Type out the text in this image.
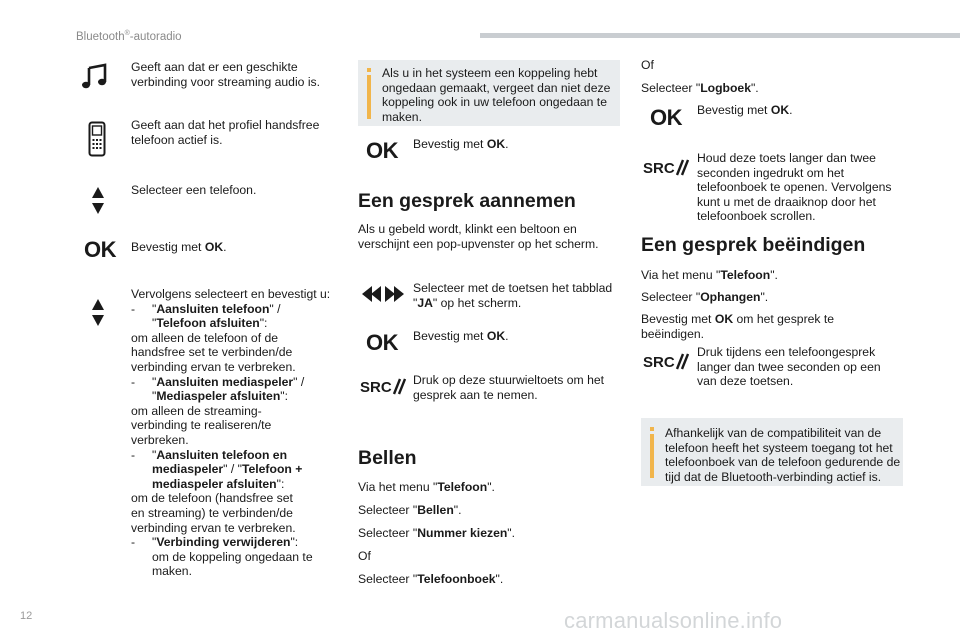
Bluetooth®-autoradio
Geeft aan dat er een geschikte verbinding voor streaming audio is.
Geeft aan dat het profiel handsfree telefoon actief is.
Selecteer een telefoon.
OK Bevestig met OK.
Vervolgens selecteert en bevestigt u:
- "Aansluiten telefoon" /
"Telefoon afsluiten":
om alleen de telefoon of de
handsfree set te verbinden/de
verbinding ervan te verbreken.
- "Aansluiten mediaspeler" /
"Mediaspeler afsluiten":
om alleen de streaming-
verbinding te realiseren/te
verbreken.
- "Aansluiten telefoon en
mediaspeler" / "Telefoon +
mediaspeler afsluiten":
om de telefoon (handsfree set
en streaming) te verbinden/de
verbinding ervan te verbreken.
- "Verbinding verwijderen":
om de koppeling ongedaan te
maken.
Als u in het systeem een koppeling hebt ongedaan gemaakt, vergeet dan niet deze koppeling ook in uw telefoon ongedaan te maken.
OK Bevestig met OK.
Een gesprek aannemen
Als u gebeld wordt, klinkt een beltoon en verschijnt een pop-upvenster op het scherm.
Selecteer met de toetsen het tabblad "JA" op het scherm.
OK Bevestig met OK.
SRC Druk op deze stuurwieltoets om het gesprek aan te nemen.
Bellen
Via het menu "Telefoon".
Selecteer "Bellen".
Selecteer "Nummer kiezen".
Of
Selecteer "Telefoonboek".
Of
Selecteer "Logboek".
OK Bevestig met OK.
SRC
Houd deze toets langer dan twee seconden ingedrukt om het telefoonboek te openen. Vervolgens kunt u met de draaiknop door het telefoonboek scrollen.
Een gesprek beëindigen
Via het menu "Telefoon".
Selecteer "Ophangen".
Bevestig met OK om het gesprek te beëindigen.
SRC
Druk tijdens een telefoongesprek langer dan twee seconden op een van deze toetsen.
Afhankelijk van de compatibiliteit van de telefoon heeft het systeem toegang tot het telefoonboek van de telefoon gedurende de tijd dat de Bluetooth-verbinding actief is.
12	carmanualsonline.info
